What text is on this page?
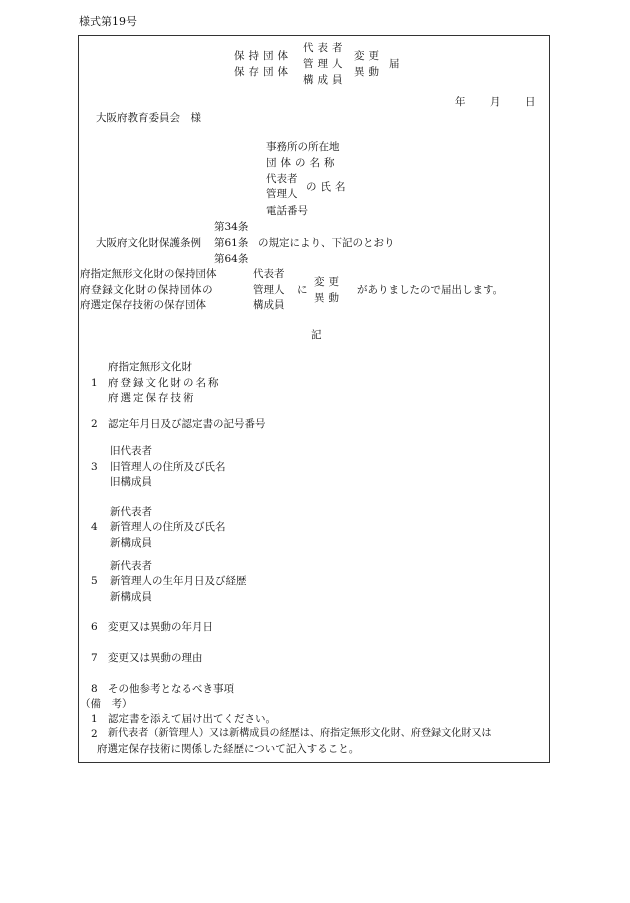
様式第19号
保持団体
保存団体
代表者
管理人
構成員
変更
異動
届
年 月 日
大阪府教育委員会　様
事務所の所在地
団体の名称
代表者
管理人
の氏名
電話番号
第34条
大阪府文化財保護条例 第61条 の規定により、下記のとおり
第64条
府指定無形文化財の保持団体
府登録文化財の保持団体の
府選定保存技術の保存団体
代表者
管理人
構成員
に
変更
異動
がありましたので届出します。
記
府指定無形文化財
1 府登録文化財の名称
府選定保存技術
2 認定年月日及び認定書の記号番号
旧代表者
3 旧管理人の住所及び氏名
旧構成員
新代表者
4 新管理人の住所及び氏名
新構成員
新代表者
5 新管理人の生年月日及び経歴
新構成員
6 変更又は異動の年月日
7 変更又は異動の理由
8 その他参考となるべき事項
（備　考）
1 認定書を添えて届け出てください。
2 新代表者（新管理人）又は新構成員の経歴は、府指定無形文化財、府登録文化財又は
府選定保存技術に関係した経歴について記入すること。
